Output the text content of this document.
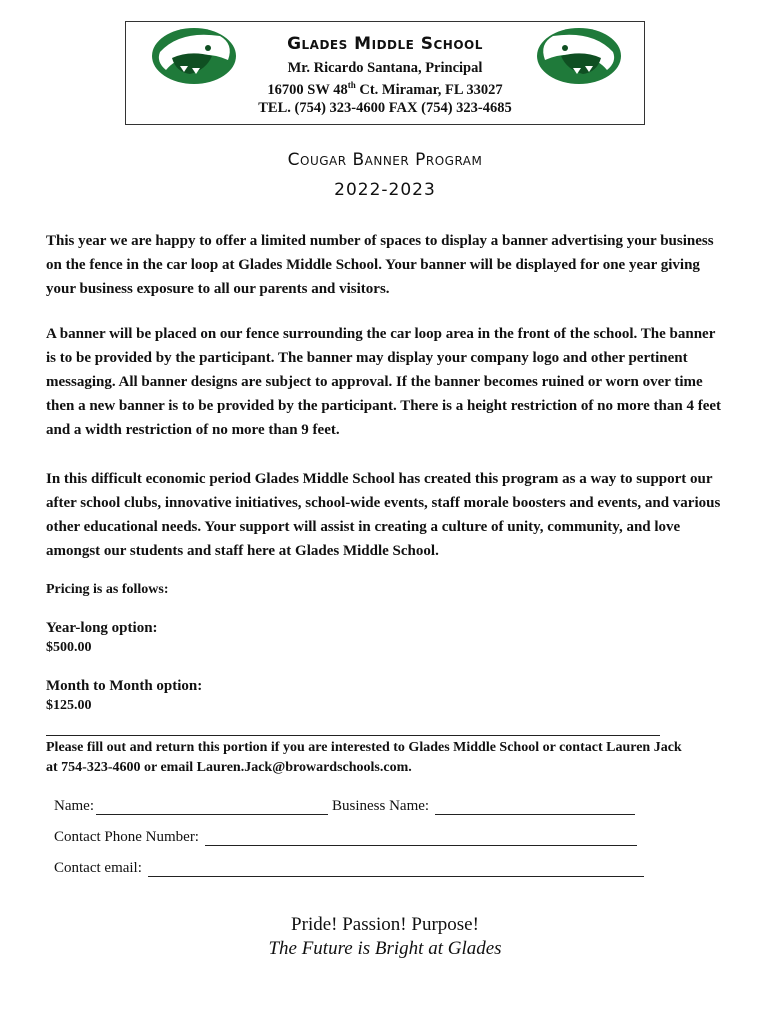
Glades Middle School
Mr. Ricardo Santana, Principal
16700 SW 48th Ct. Miramar, FL 33027
TEL. (754) 323-4600 FAX (754) 323-4685
Cougar Banner Program
2022-2023
This year we are happy to offer a limited number of spaces to display a banner advertising your business on the fence in the car loop at Glades Middle School. Your banner will be displayed for one year giving your business exposure to all our parents and visitors.
A banner will be placed on our fence surrounding the car loop area in the front of the school. The banner is to be provided by the participant. The banner may display your company logo and other pertinent messaging. All banner designs are subject to approval. If the banner becomes ruined or worn over time then a new banner is to be provided by the participant. There is a height restriction of no more than 4 feet and a width restriction of no more than 9 feet.
In this difficult economic period Glades Middle School has created this program as a way to support our after school clubs, innovative initiatives, school-wide events, staff morale boosters and events, and various other educational needs. Your support will assist in creating a culture of unity, community, and love amongst our students and staff here at Glades Middle School.
Pricing is as follows:
Year-long option:
$500.00
Month to Month option:
$125.00
Please fill out and return this portion if you are interested to Glades Middle School or contact Lauren Jack at 754-323-4600 or email Lauren.Jack@browardschools.com.
Name:	Business Name:
Contact Phone Number:
Contact email:
Pride! Passion! Purpose!
The Future is Bright at Glades
